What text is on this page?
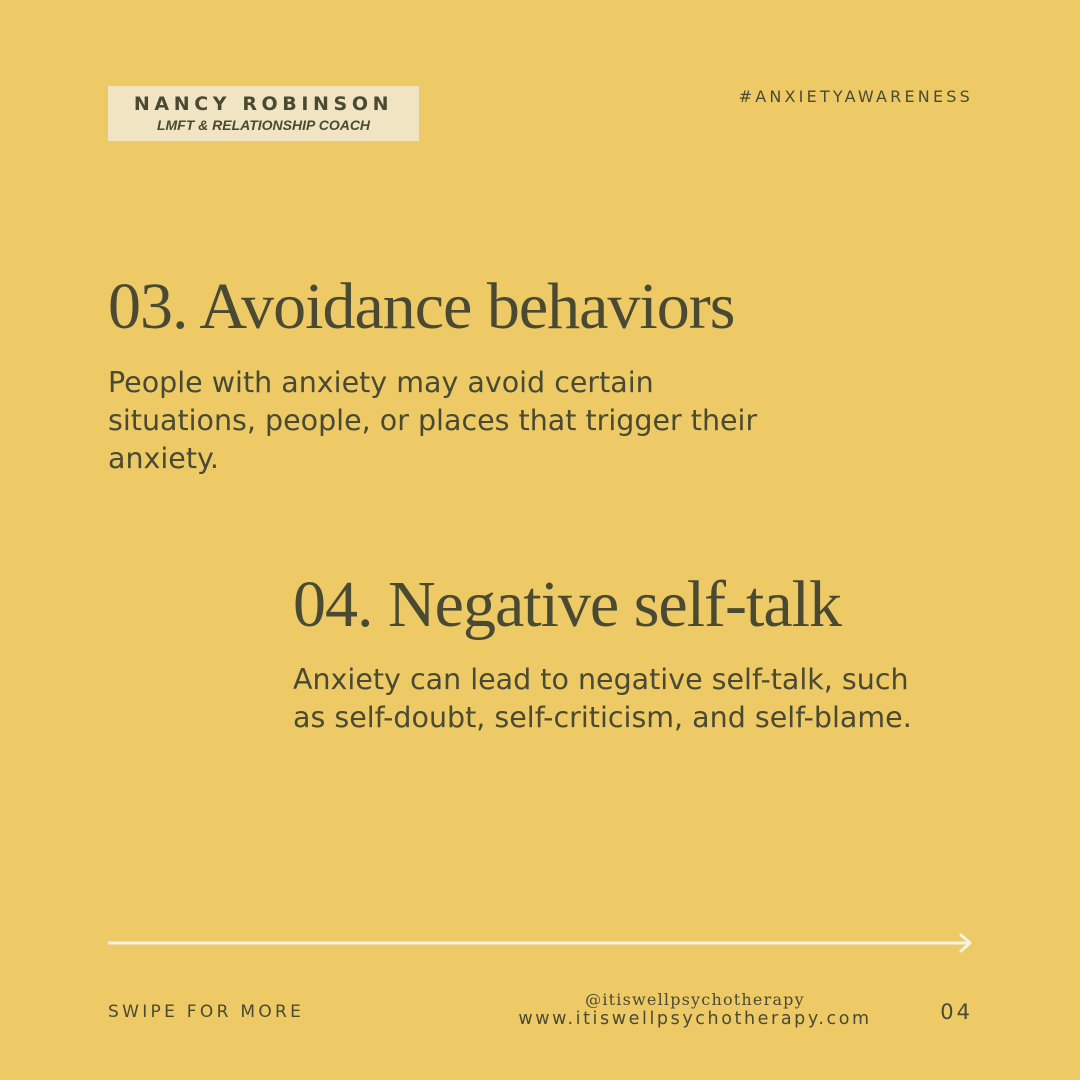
NANCY ROBINSON
LMFT & RELATIONSHIP COACH
#ANXIETYAWARENESS
03. Avoidance behaviors

People with anxiety may avoid certain situations, people, or places that trigger their anxiety.

04. Negative self-talk

Anxiety can lead to negative self-talk, such as self-doubt, self-criticism, and self-blame.

SWIPE FOR MORE
@itiswellpsychotherapy
www.itiswellpsychotherapy.com	04
